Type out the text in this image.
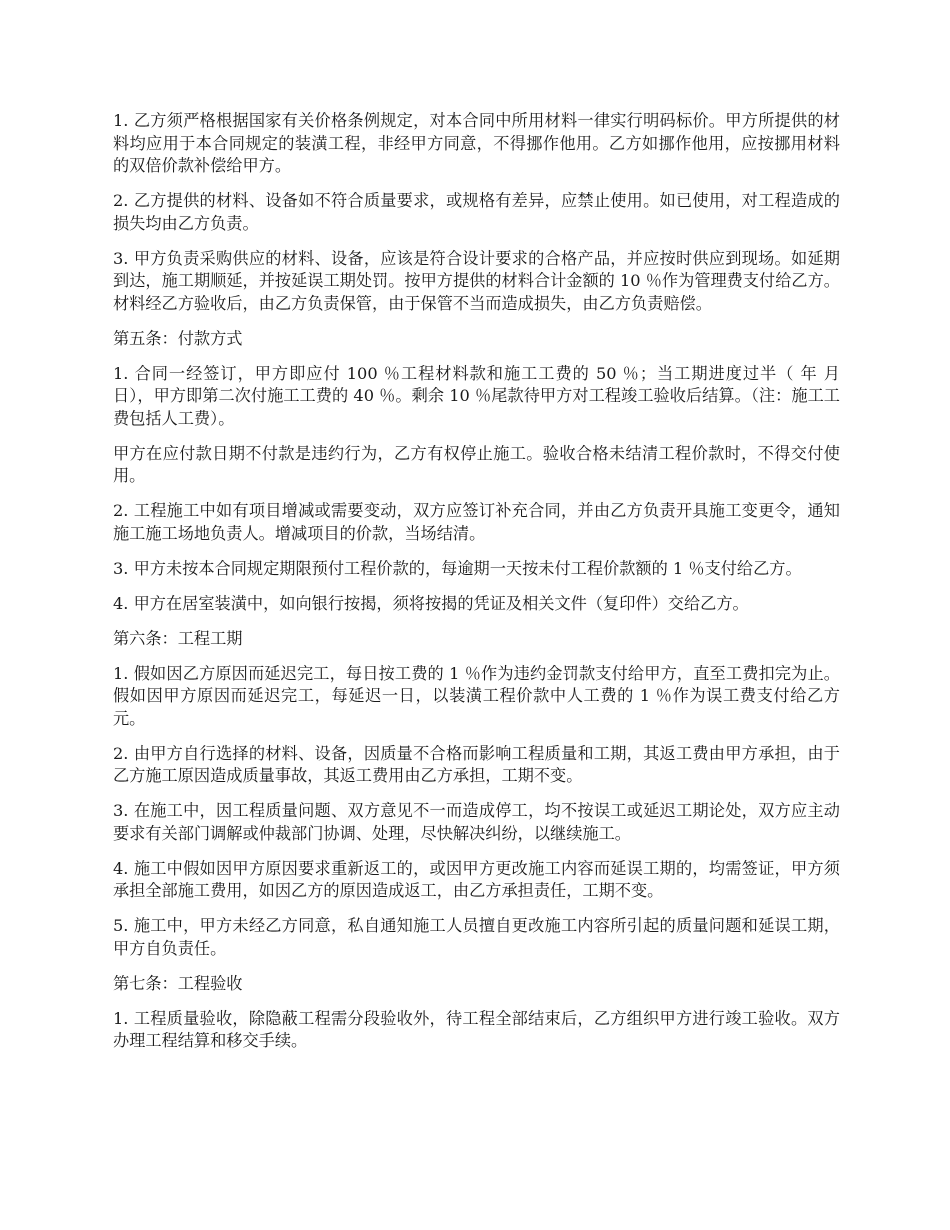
1. 乙方须严格根据国家有关价格条例规定，对本合同中所用材料一律实行明码标价。甲方所提供的材料均应用于本合同规定的装潢工程，非经甲方同意，不得挪作他用。乙方如挪作他用，应按挪用材料的双倍价款补偿给甲方。

2. 乙方提供的材料、设备如不符合质量要求，或规格有差异，应禁止使用。如已使用，对工程造成的损失均由乙方负责。

3. 甲方负责采购供应的材料、设备，应该是符合设计要求的合格产品，并应按时供应到现场。如延期到达，施工期顺延，并按延误工期处罚。按甲方提供的材料合计金额的 10 ％作为管理费支付给乙方。材料经乙方验收后，由乙方负责保管，由于保管不当而造成损失，由乙方负责赔偿。

第五条：付款方式

1. 合同一经签订，甲方即应付 100 ％工程材料款和施工工费的 50 ％；当工期进度过半（ 年 月 日），甲方即第二次付施工工费的 40 ％。剩余 10 ％尾款待甲方对工程竣工验收后结算。（注：施工工费包括人工费）。

甲方在应付款日期不付款是违约行为，乙方有权停止施工。验收合格未结清工程价款时，不得交付使用。

2. 工程施工中如有项目增减或需要变动，双方应签订补充合同，并由乙方负责开具施工变更令，通知施工施工场地负责人。增减项目的价款，当场结清。

3. 甲方未按本合同规定期限预付工程价款的，每逾期一天按未付工程价款额的 1 ％支付给乙方。

4. 甲方在居室装潢中，如向银行按揭，须将按揭的凭证及相关文件（复印件）交给乙方。

第六条：工程工期

1. 假如因乙方原因而延迟完工，每日按工费的 1 ％作为违约金罚款支付给甲方，直至工费扣完为止。假如因甲方原因而延迟完工，每延迟一日，以装潢工程价款中人工费的 1 ％作为误工费支付给乙方 元。

2. 由甲方自行选择的材料、设备，因质量不合格而影响工程质量和工期，其返工费由甲方承担，由于乙方施工原因造成质量事故，其返工费用由乙方承担，工期不变。

3. 在施工中，因工程质量问题、双方意见不一而造成停工，均不按误工或延迟工期论处，双方应主动要求有关部门调解或仲裁部门协调、处理，尽快解决纠纷，以继续施工。

4. 施工中假如因甲方原因要求重新返工的，或因甲方更改施工内容而延误工期的，均需签证，甲方须承担全部施工费用，如因乙方的原因造成返工，由乙方承担责任，工期不变。

5. 施工中，甲方未经乙方同意，私自通知施工人员擅自更改施工内容所引起的质量问题和延误工期，甲方自负责任。

第七条：工程验收

1. 工程质量验收，除隐蔽工程需分段验收外，待工程全部结束后，乙方组织甲方进行竣工验收。双方办理工程结算和移交手续。
